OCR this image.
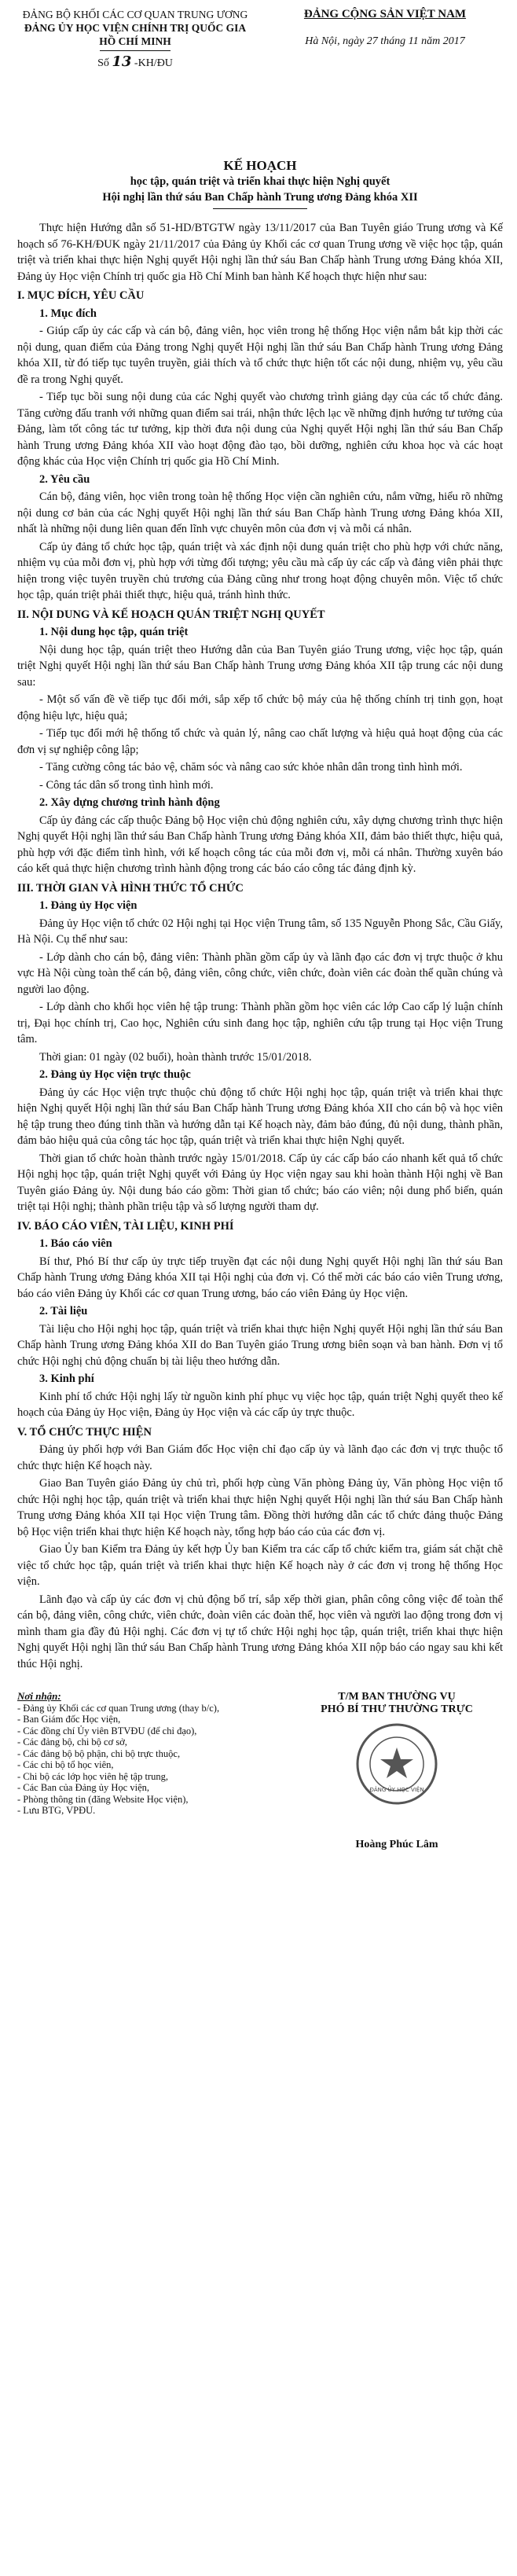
ĐẢNG BỘ KHỐI CÁC CƠ QUAN TRUNG ƯƠNG
ĐẢNG ỦY HỌC VIỆN CHÍNH TRỊ QUỐC GIA
HỒ CHÍ MINH
Số 13 -KH/ĐU
ĐẢNG CỘNG SẢN VIỆT NAM
Hà Nội, ngày 27 tháng 11 năm 2017
KẾ HOẠCH
học tập, quán triệt và triển khai thực hiện Nghị quyết
Hội nghị lần thứ sáu Ban Chấp hành Trung ương Đảng khóa XII

Thực hiện Hướng dẫn số 51-HD/BTGTW ngày 13/11/2017 của Ban Tuyên giáo Trung ương và Kế hoạch số 76-KH/ĐUK ngày 21/11/2017 của Đảng ủy Khối các cơ quan Trung ương về việc học tập, quán triệt và triển khai thực hiện Nghị quyết Hội nghị lần thứ sáu Ban Chấp hành Trung ương Đảng khóa XII, Đảng ủy Học viện Chính trị quốc gia Hồ Chí Minh ban hành Kế hoạch thực hiện như sau:

I. MỤC ĐÍCH, YÊU CẦU
1. Mục đích

- Giúp cấp ủy các cấp và cán bộ, đảng viên, học viên trong hệ thống Học viện nắm bắt kịp thời các nội dung, quan điểm của Đảng trong Nghị quyết Hội nghị lần thứ sáu Ban Chấp hành Trung ương Đảng khóa XII, từ đó tiếp tục tuyên truyền, giải thích và tổ chức thực hiện tốt các nội dung, nhiệm vụ, yêu cầu đề ra trong Nghị quyết.

- Tiếp tục bồi sung nội dung của các Nghị quyết vào chương trình giảng dạy của các tổ chức đảng. Tăng cường đấu tranh với những quan điểm sai trái, nhận thức lệch lạc về những định hướng tư tưởng của Đảng, làm tốt công tác tư tưởng, kịp thời đưa nội dung của Nghị quyết Hội nghị lần thứ sáu Ban Chấp hành Trung ương Đảng khóa XII vào hoạt động đào tạo, bồi dưỡng, nghiên cứu khoa học và các hoạt động khác của Học viện Chính trị quốc gia Hồ Chí Minh.

2. Yêu cầu

Cán bộ, đảng viên, học viên trong toàn hệ thống Học viện cần nghiên cứu, nắm vững, hiểu rõ những nội dung cơ bản của các Nghị quyết Hội nghị lần thứ sáu Ban Chấp hành Trung ương Đảng khóa XII, nhất là những nội dung liên quan đến lĩnh vực chuyên môn của đơn vị và mỗi cá nhân.

Cấp ủy đảng tổ chức học tập, quán triệt và xác định nội dung quán triệt cho phù hợp với chức năng, nhiệm vụ của mỗi đơn vị, phù hợp với từng đối tượng; yêu cầu mà cấp ủy các cấp và đảng viên phải thực hiện trong việc tuyên truyền chủ trương của Đảng cũng như trong hoạt động chuyên môn. Việc tổ chức học tập, quán triệt phải thiết thực, hiệu quả, tránh hình thức.

II. NỘI DUNG VÀ KẾ HOẠCH QUÁN TRIỆT NGHỊ QUYẾT
1. Nội dung học tập, quán triệt

Nội dung học tập, quán triệt theo Hướng dẫn của Ban Tuyên giáo Trung ương, việc học tập, quán triệt Nghị quyết Hội nghị lần thứ sáu Ban Chấp hành Trung ương Đảng khóa XII tập trung các nội dung sau:

- Một số vấn đề về tiếp tục đổi mới, sắp xếp tổ chức bộ máy của hệ thống chính trị tinh gọn, hoạt động hiệu lực, hiệu quả;

- Tiếp tục đổi mới hệ thống tổ chức và quản lý, nâng cao chất lượng và hiệu quả hoạt động của các đơn vị sự nghiệp công lập;

- Tăng cường công tác bảo vệ, chăm sóc và nâng cao sức khỏe nhân dân trong tình hình mới.

- Công tác dân số trong tình hình mới.

2. Xây dựng chương trình hành động

Cấp ủy đảng các cấp thuộc Đảng bộ Học viện chủ động nghiên cứu, xây dựng chương trình thực hiện Nghị quyết Hội nghị lần thứ sáu Ban Chấp hành Trung ương Đảng khóa XII, đảm bảo thiết thực, hiệu quả, phù hợp với đặc điểm tình hình, với kế hoạch công tác của mỗi đơn vị, mỗi cá nhân. Thường xuyên báo cáo kết quả thực hiện chương trình hành động trong các báo cáo công tác đảng định kỳ.

III. THỜI GIAN VÀ HÌNH THỨC TỔ CHỨC
1. Đảng ủy Học viện

Đảng ủy Học viện tổ chức 02 Hội nghị tại Học viện Trung tâm, số 135 Nguyễn Phong Sắc, Cầu Giấy, Hà Nội. Cụ thể như sau:

- Lớp dành cho cán bộ, đảng viên: Thành phần gồm cấp ủy và lãnh đạo các đơn vị trực thuộc ở khu vực Hà Nội cùng toàn thể cán bộ, đảng viên, công chức, viên chức, đoàn viên các đoàn thể quần chúng và người lao động.

- Lớp dành cho khối học viên hệ tập trung: Thành phần gồm học viên các lớp Cao cấp lý luận chính trị, Đại học chính trị, Cao học, Nghiên cứu sinh đang học tập, nghiên cứu tập trung tại Học viện Trung tâm.

Thời gian: 01 ngày (02 buổi), hoàn thành trước 15/01/2018.

2. Đảng ủy Học viện trực thuộc

Đảng ủy các Học viện trực thuộc chủ động tổ chức Hội nghị học tập, quán triệt và triển khai thực hiện Nghị quyết Hội nghị lần thứ sáu Ban Chấp hành Trung ương Đảng khóa XII cho cán bộ và học viên hệ tập trung theo đúng tinh thần và hướng dẫn tại Kế hoạch này, đảm bảo đúng, đủ nội dung, thành phần, đảm bảo hiệu quả của công tác học tập, quán triệt và triển khai thực hiện Nghị quyết.

Thời gian tổ chức hoàn thành trước ngày 15/01/2018. Cấp ủy các cấp báo cáo nhanh kết quả tổ chức Hội nghị học tập, quán triệt Nghị quyết với Đảng ủy Học viện ngay sau khi hoàn thành Hội nghị về Ban Tuyên giáo Đảng ủy. Nội dung báo cáo gồm: Thời gian tổ chức; báo cáo viên; nội dung phổ biến, quán triệt tại Hội nghị; thành phần triệu tập và số lượng người tham dự.

IV. BÁO CÁO VIÊN, TÀI LIỆU, KINH PHÍ
1. Báo cáo viên

Bí thư, Phó Bí thư cấp ủy trực tiếp truyền đạt các nội dung Nghị quyết Hội nghị lần thứ sáu Ban Chấp hành Trung ương Đảng khóa XII tại Hội nghị của đơn vị. Có thể mời các báo cáo viên Trung ương, báo cáo viên Đảng ủy Khối các cơ quan Trung ương, báo cáo viên Đảng ủy Học viện.

2. Tài liệu

Tài liệu cho Hội nghị học tập, quán triệt và triển khai thực hiện Nghị quyết Hội nghị lần thứ sáu Ban Chấp hành Trung ương Đảng khóa XII do Ban Tuyên giáo Trung ương biên soạn và ban hành. Đơn vị tổ chức Hội nghị chủ động chuẩn bị tài liệu theo hướng dẫn.

3. Kinh phí

Kinh phí tổ chức Hội nghị lấy từ nguồn kinh phí phục vụ việc học tập, quán triệt Nghị quyết theo kế hoạch của Đảng ủy Học viện, Đảng ủy Học viện và các cấp ủy trực thuộc.

V. TỔ CHỨC THỰC HIỆN

Đảng ủy phối hợp với Ban Giám đốc Học viện chỉ đạo cấp ủy và lãnh đạo các đơn vị trực thuộc tổ chức thực hiện Kế hoạch này.

Giao Ban Tuyên giáo Đảng ủy chủ trì, phối hợp cùng Văn phòng Đảng ủy, Văn phòng Học viện tổ chức Hội nghị học tập, quán triệt và triển khai thực hiện Nghị quyết Hội nghị lần thứ sáu Ban Chấp hành Trung ương Đảng khóa XII tại Học viện Trung tâm. Đồng thời hướng dẫn các tổ chức đảng thuộc Đảng bộ Học viện triển khai thực hiện Kế hoạch này, tổng hợp báo cáo của các đơn vị.

Giao Ủy ban Kiểm tra Đảng ủy kết hợp Ủy ban Kiểm tra các cấp tổ chức kiểm tra, giám sát chặt chẽ việc tổ chức học tập, quán triệt và triển khai thực hiện Kế hoạch này ở các đơn vị trong hệ thống Học viện.

Lãnh đạo và cấp ủy các đơn vị chủ động bố trí, sắp xếp thời gian, phân công công việc để toàn thể cán bộ, đảng viên, công chức, viên chức, đoàn viên các đoàn thể, học viên và người lao động trong đơn vị mình tham gia đầy đủ Hội nghị. Các đơn vị tự tổ chức Hội nghị học tập, quán triệt, triển khai thực hiện Nghị quyết Hội nghị lần thứ sáu Ban Chấp hành Trung ương Đảng khóa XII nộp báo cáo ngay sau khi kết thúc Hội nghị.

Nơi nhận:
- Đảng ủy Khối các cơ quan Trung ương (thay b/c),
- Ban Giám đốc Học viện,
- Các đồng chí Ủy viên BTVĐU (để chỉ đạo),
- Các đảng bộ, chi bộ cơ sở,
- Các đảng bộ bộ phận, chi bộ trực thuộc,
- Các chi bộ tổ học viên,
- Chi bộ các lớp học viên hệ tập trung,
- Các Ban của Đảng ủy Học viện,
- Phòng thông tin (đăng Website Học viện),
- Lưu BTG, VPĐU.
T/M BAN THƯỜNG VỤ
PHÓ BÍ THƯ THƯỜNG TRỰC
ĐẢNG ỦY HỌC VIỆN
Hoàng Phúc Lâm
